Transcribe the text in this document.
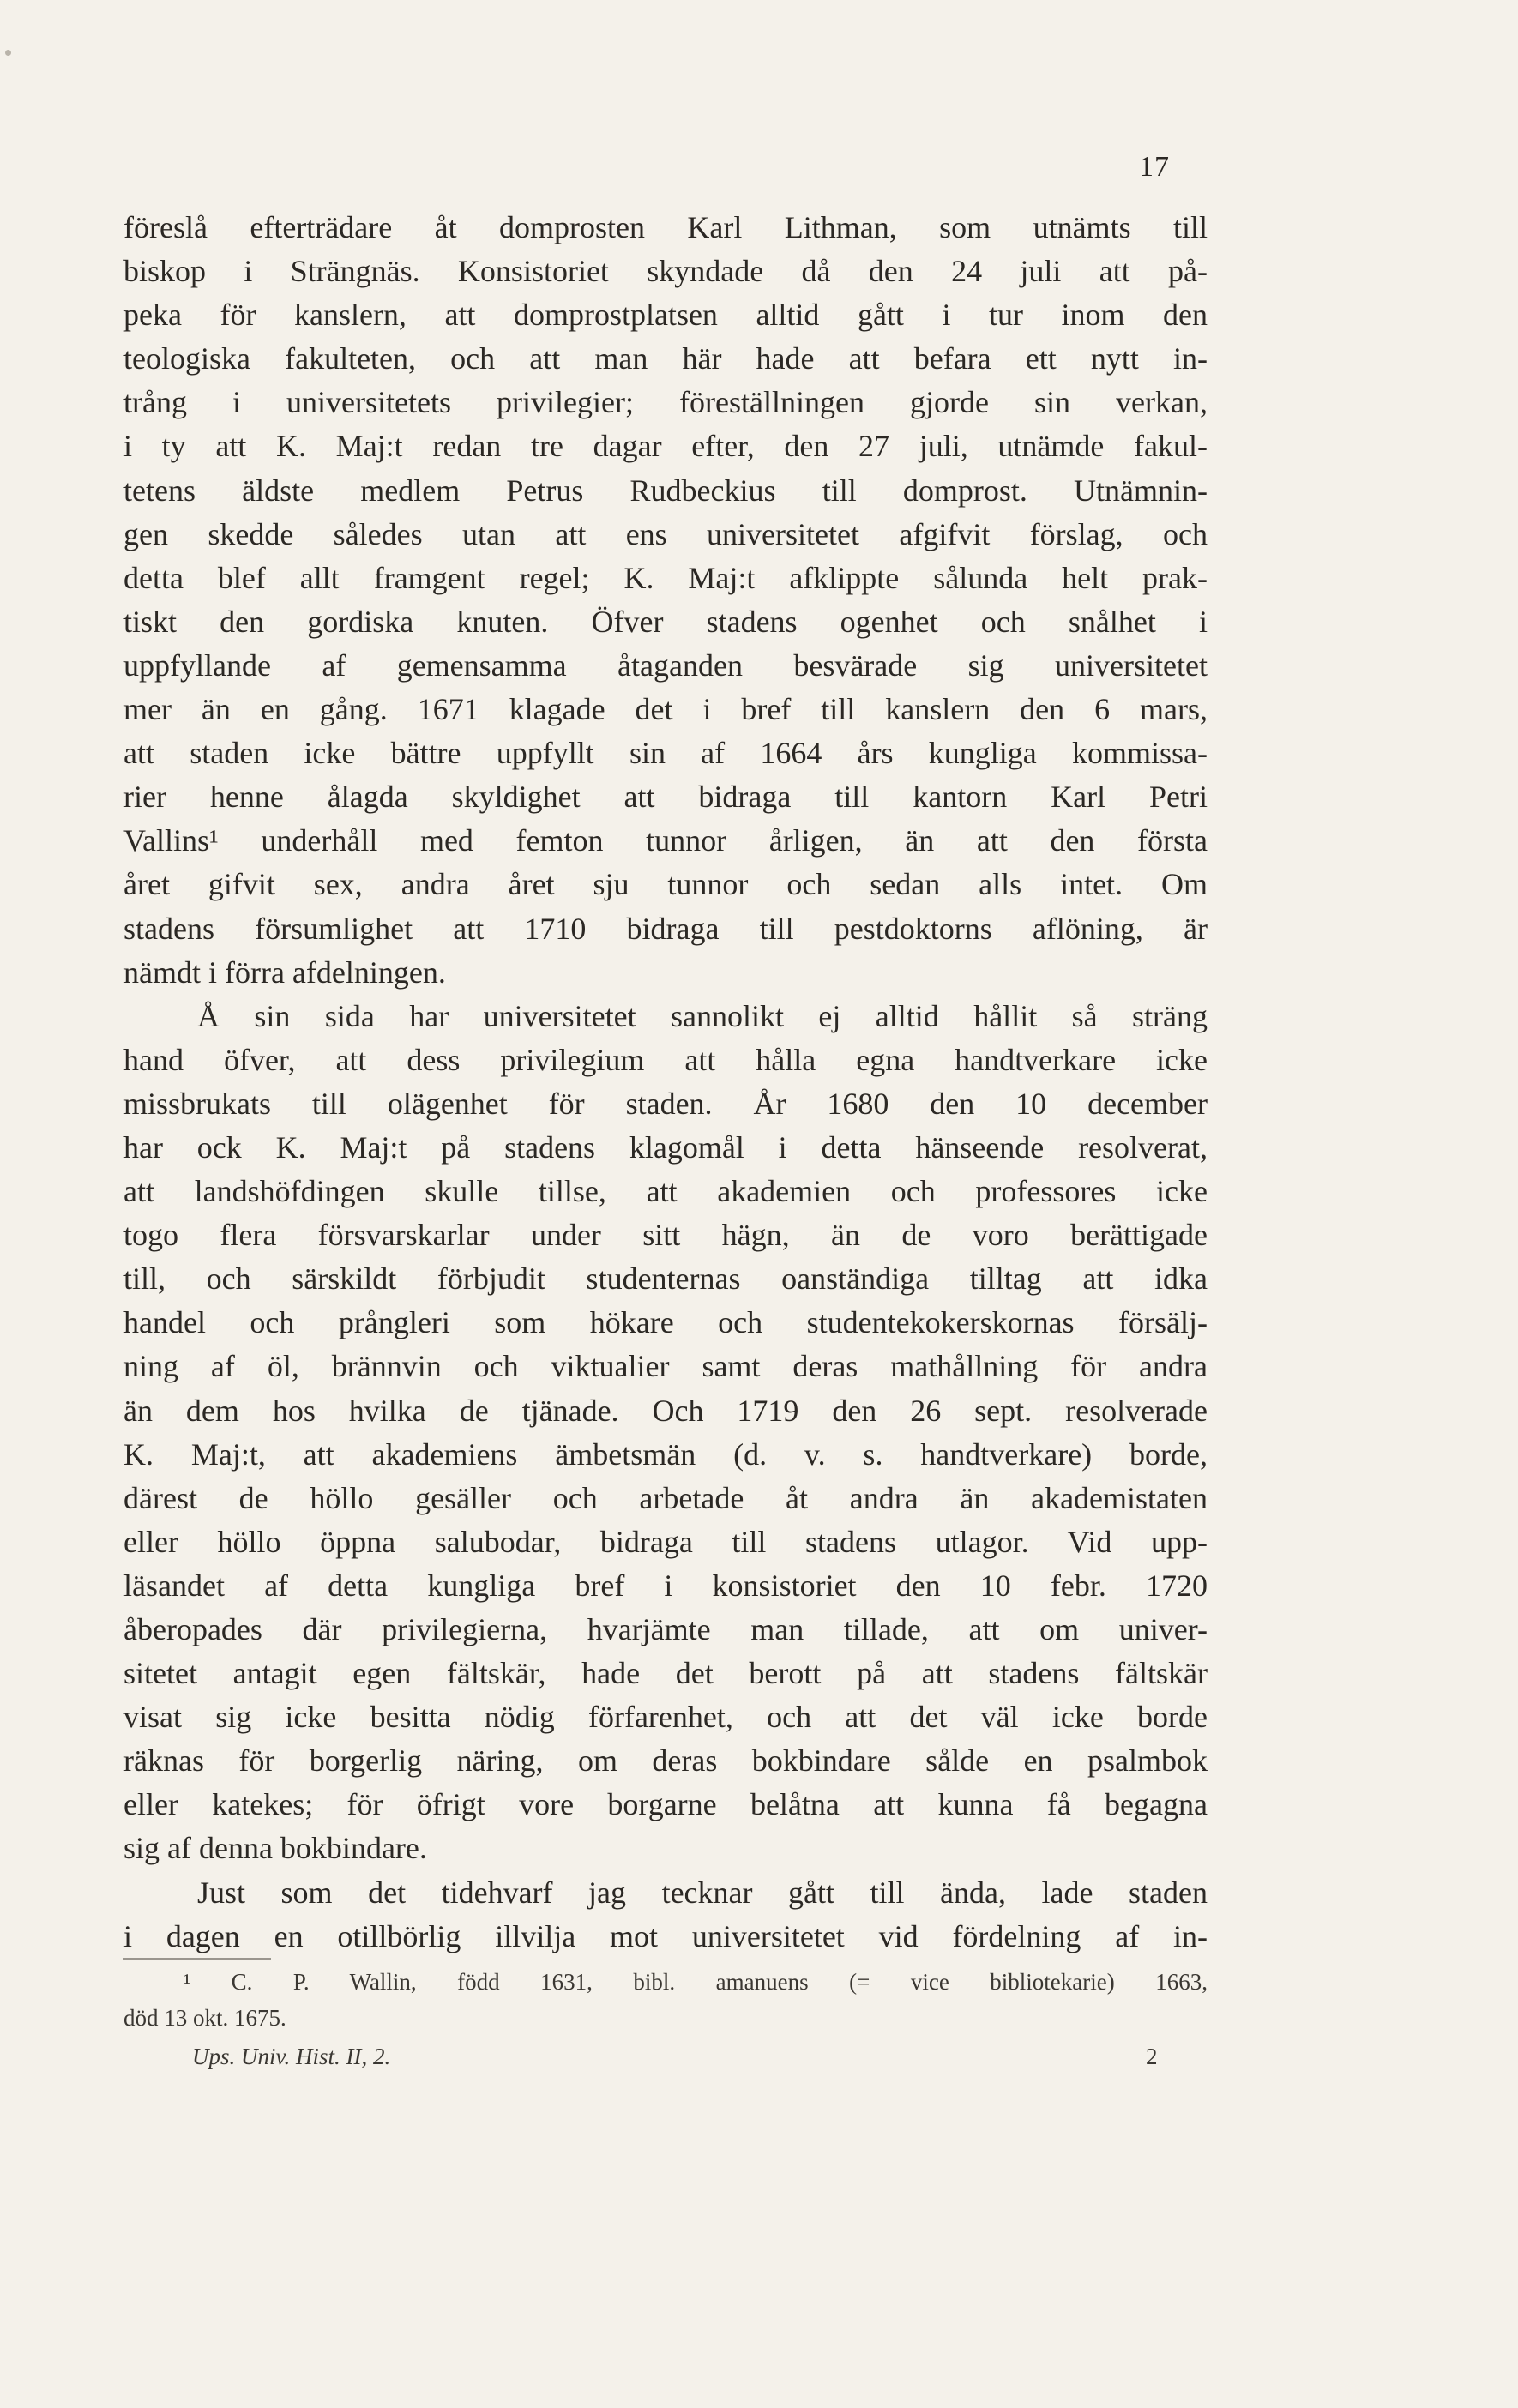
17
föreslå efterträdare åt domprosten Karl Lithman, som utnämts till
biskop i Strängnäs. Konsistoriet skyndade då den 24 juli att på-
peka för kanslern, att domprostplatsen alltid gått i tur inom den
teologiska fakulteten, och att man här hade att befara ett nytt in-
trång i universitetets privilegier; föreställningen gjorde sin verkan,
i ty att K. Maj:t redan tre dagar efter, den 27 juli, utnämde fakul-
tetens äldste medlem Petrus Rudbeckius till domprost. Utnämnin-
gen skedde således utan att ens universitetet afgifvit förslag, och
detta blef allt framgent regel; K. Maj:t afklippte sålunda helt prak-
tiskt den gordiska knuten. Öfver stadens ogenhet och snålhet i
uppfyllande af gemensamma åtaganden besvärade sig universitetet
mer än en gång. 1671 klagade det i bref till kanslern den 6 mars,
att staden icke bättre uppfyllt sin af 1664 års kungliga kommissa-
rier henne ålagda skyldighet att bidraga till kantorn Karl Petri
Vallins¹ underhåll med femton tunnor årligen, än att den första
året gifvit sex, andra året sju tunnor och sedan alls intet. Om
stadens försumlighet att 1710 bidraga till pestdoktorns aflöning, är
nämdt i förra afdelningen.
Å sin sida har universitetet sannolikt ej alltid hållit så sträng
hand öfver, att dess privilegium att hålla egna handtverkare icke
missbrukats till olägenhet för staden. År 1680 den 10 december
har ock K. Maj:t på stadens klagomål i detta hänseende resolverat,
att landshöfdingen skulle tillse, att akademien och professores icke
togo flera försvarskarlar under sitt hägn, än de voro berättigade
till, och särskildt förbjudit studenternas oanständiga tilltag att idka
handel och prångleri som hökare och studentekokerskornas försälj-
ning af öl, brännvin och viktualier samt deras mathållning för andra
än dem hos hvilka de tjänade. Och 1719 den 26 sept. resolverade
K. Maj:t, att akademiens ämbetsmän (d. v. s. handtverkare) borde,
därest de höllo gesäller och arbetade åt andra än akademistaten
eller höllo öppna salubodar, bidraga till stadens utlagor. Vid upp-
läsandet af detta kungliga bref i konsistoriet den 10 febr. 1720
åberopades där privilegierna, hvarjämte man tillade, att om univer-
sitetet antagit egen fältskär, hade det berott på att stadens fältskär
visat sig icke besitta nödig förfarenhet, och att det väl icke borde
räknas för borgerlig näring, om deras bokbindare sålde en psalmbok
eller katekes; för öfrigt vore borgarne belåtna att kunna få begagna
sig af denna bokbindare.
Just som det tidehvarf jag tecknar gått till ända, lade staden
i dagen en otillbörlig illvilja mot universitetet vid fördelning af in-
¹ C. P. Wallin, född 1631, bibl. amanuens (= vice bibliotekarie) 1663,
död 13 okt. 1675.
Ups. Univ. Hist. II, 2.	2
